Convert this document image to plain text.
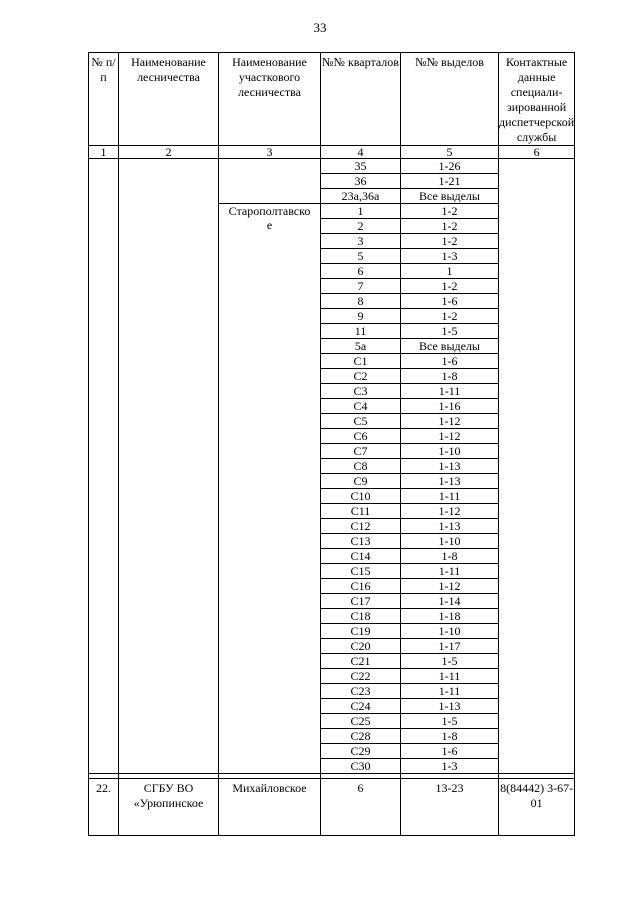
33
№ п/п	Наименование лесничества	Наименование участкового лесничества	№№ кварталов	№№ выделов	Контактные данные специали-зированной диспетчерской службы
1	2	3	4	5	6
			35	1-26	
			36	1-21	
			23а,36а	Все выделы	

		Старополтавское	1	1-2	
			2	1-2	
			3	1-2	
			5	1-3	
			6	1	
			7	1-2	
			8	1-6	
			9	1-2	
			11	1-5	
			5а	Все выделы	
			С1	1-6	
			С2	1-8	
			С3	1-11	
			С4	1-16	
			С5	1-12	
			С6	1-12	
			С7	1-10	
			С8	1-13	
			С9	1-13	
			С10	1-11	
			С11	1-12	
			С12	1-13	
			С13	1-10	
			С14	1-8	
			С15	1-11	
			С16	1-12	
			С17	1-14	
			С18	1-18	
			С19	1-10	
			С20	1-17	
			С21	1-5	
			С22	1-11	
			С23	1-11	
			С24	1-13	
			С25	1-5	
			С28	1-8	
			С29	1-6	
			С30	1-3	

22.	СГБУ ВО «Урюпинское	Михайловское	6	13-23	8(84442) 3-67-01
